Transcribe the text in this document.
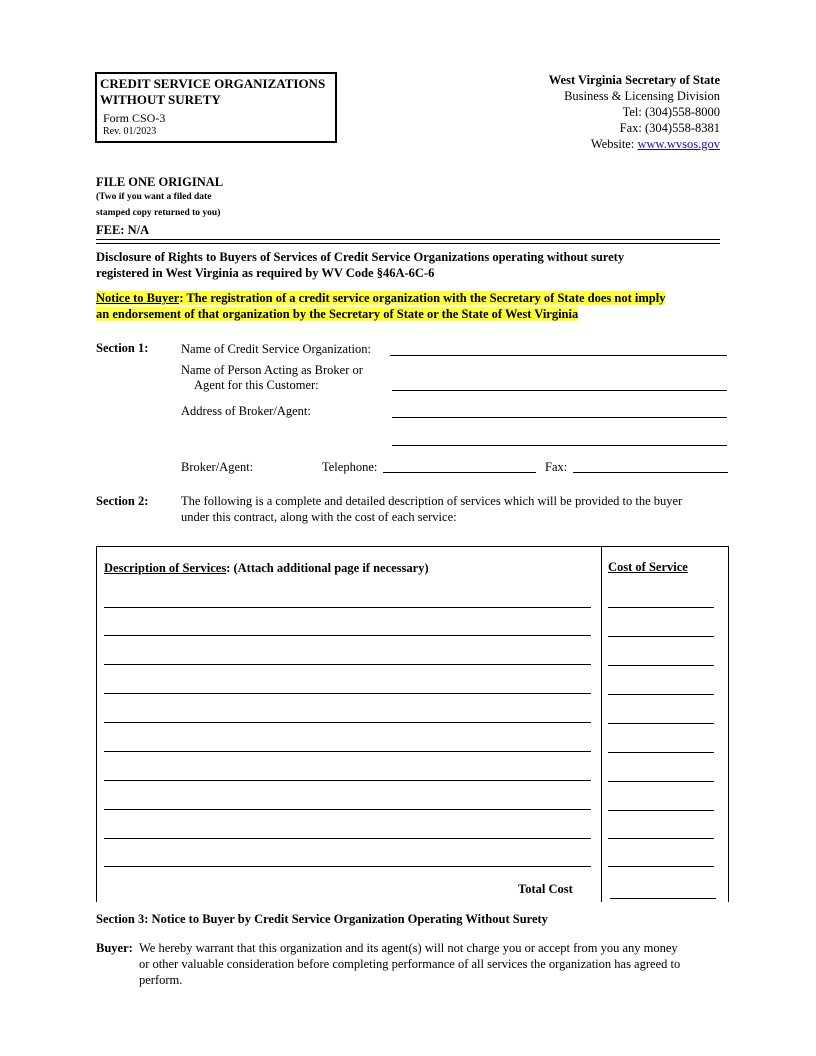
CREDIT SERVICE ORGANIZATIONS
WITHOUT SURETY
Form CSO-3
Rev. 01/2023
West Virginia Secretary of State
Business & Licensing Division
Tel: (304)558-8000
Fax: (304)558-8381
Website: www.wvsos.gov
FILE ONE ORIGINAL
(Two if you want a filed date
stamped copy returned to you)
FEE: N/A
Disclosure of Rights to Buyers of Services of Credit Service Organizations operating without surety
registered in West Virginia as required by WV Code §46A-6C-6
Notice to Buyer: The registration of a credit service organization with the Secretary of State does not imply
an endorsement of that organization by the Secretary of State or the State of West Virginia
Section 1:	Name of Credit Service Organization:
Name of Person Acting as Broker or
Agent for this Customer:
Address of Broker/Agent:
Broker/Agent:	Telephone:	Fax:
Section 2:	The following is a complete and detailed description of services which will be provided to the buyer
under this contract, along with the cost of each service:
Description of Services: (Attach additional page if necessary)	Cost of Service
Total Cost
Section 3: Notice to Buyer by Credit Service Organization Operating Without Surety
Buyer: We hereby warrant that this organization and its agent(s) will not charge you or accept from you any money
or other valuable consideration before completing performance of all services the organization has agreed to
perform.
